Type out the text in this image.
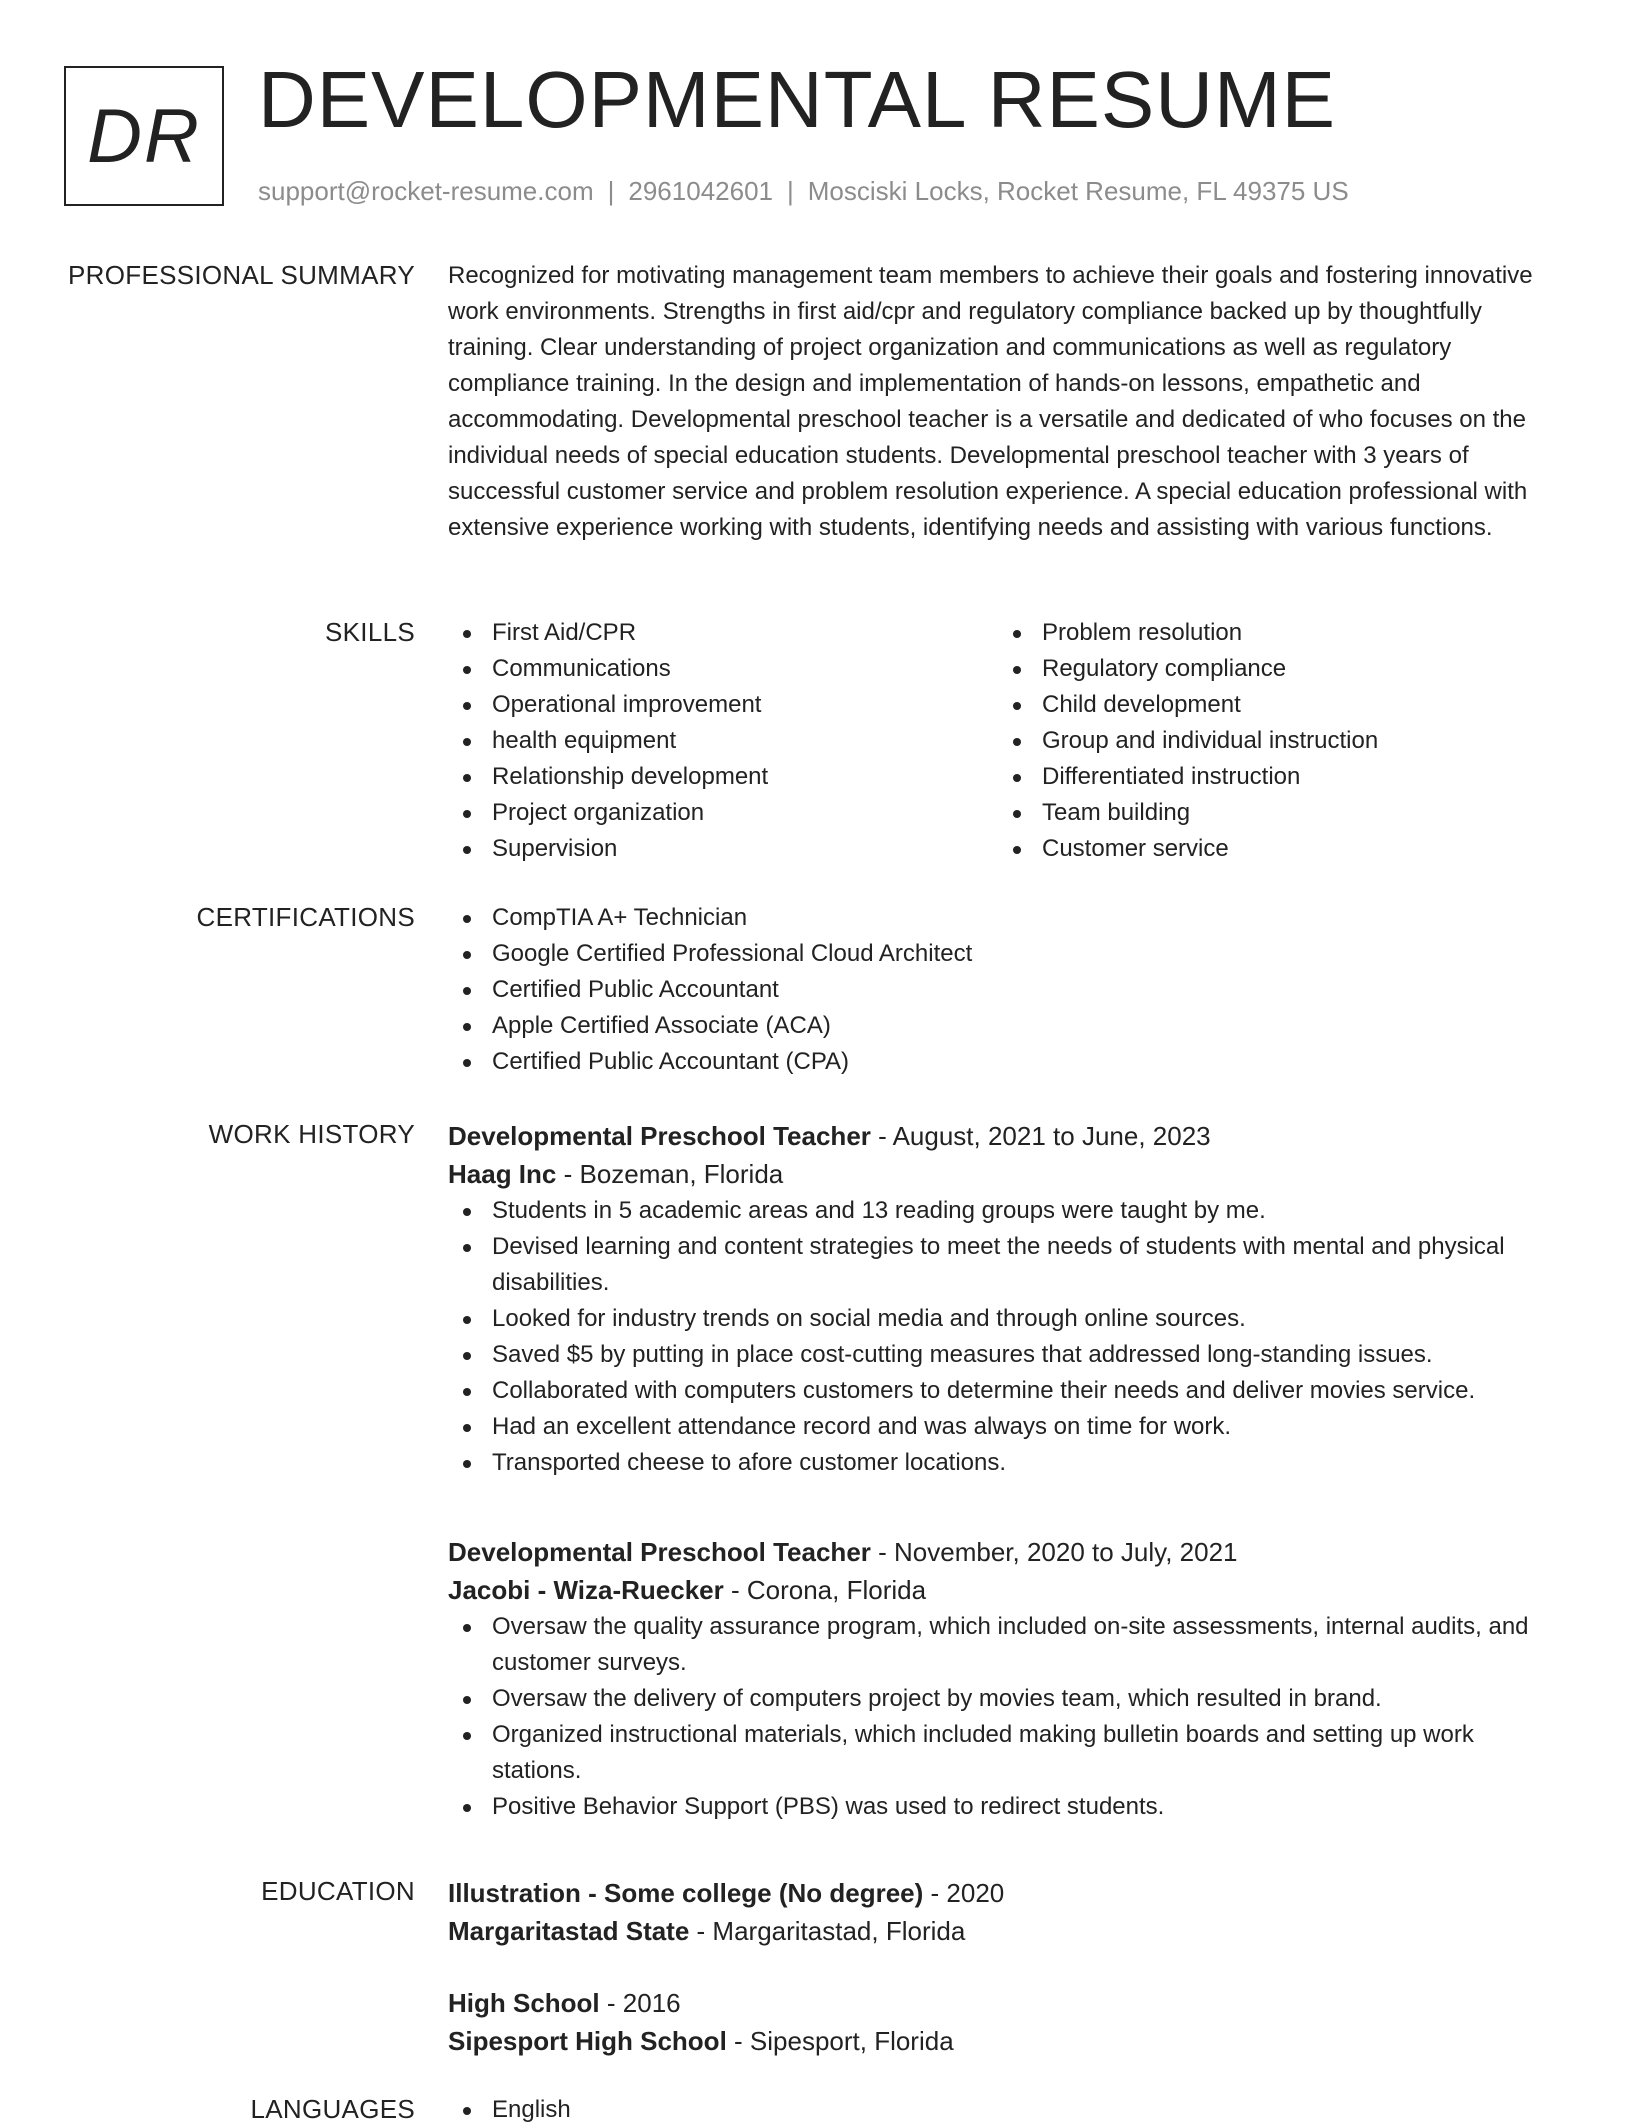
DR DEVELOPMENTAL RESUME
support@rocket-resume.com | 2961042601 | Mosciski Locks, Rocket Resume, FL 49375 US
PROFESSIONAL SUMMARY Recognized for motivating management team members to achieve their goals and fostering innovative work environments. Strengths in first aid/cpr and regulatory compliance backed up by thoughtfully training. Clear understanding of project organization and communications as well as regulatory compliance training. In the design and implementation of hands-on lessons, empathetic and accommodating. Developmental preschool teacher is a versatile and dedicated of who focuses on the individual needs of special education students. Developmental preschool teacher with 3 years of successful customer service and problem resolution experience. A special education professional with extensive experience working with students, identifying needs and assisting with various functions.

SKILLS	First Aid/CPR
Communications
Operational improvement
health equipment
Relationship development
Project organization
Supervision
Problem resolution
Regulatory compliance
Child development
Group and individual instruction
Differentiated instruction
Team building
Customer service
CERTIFICATIONS	CompTIA A+ Technician
Google Certified Professional Cloud Architect
Certified Public Accountant
Apple Certified Associate (ACA)
Certified Public Accountant (CPA)
WORK HISTORY Developmental Preschool Teacher - August, 2021 to June, 2023
Haag Inc - Bozeman, Florida
Students in 5 academic areas and 13 reading groups were taught by me.
Devised learning and content strategies to meet the needs of students with mental and physical disabilities.
Looked for industry trends on social media and through online sources.
Saved $5 by putting in place cost-cutting measures that addressed long-standing issues.
Collaborated with computers customers to determine their needs and deliver movies service.
Had an excellent attendance record and was always on time for work.
Transported cheese to afore customer locations.
Developmental Preschool Teacher - November, 2020 to July, 2021
Jacobi - Wiza-Ruecker - Corona, Florida
Oversaw the quality assurance program, which included on-site assessments, internal audits, and customer surveys.
Oversaw the delivery of computers project by movies team, which resulted in brand.
Organized instructional materials, which included making bulletin boards and setting up work stations.
Positive Behavior Support (PBS) was used to redirect students.
EDUCATION Illustration - Some college (No degree) - 2020
Margaritastad State - Margaritastad, Florida
High School - 2016
Sipesport High School - Sipesport, Florida
LANGUAGES	English
